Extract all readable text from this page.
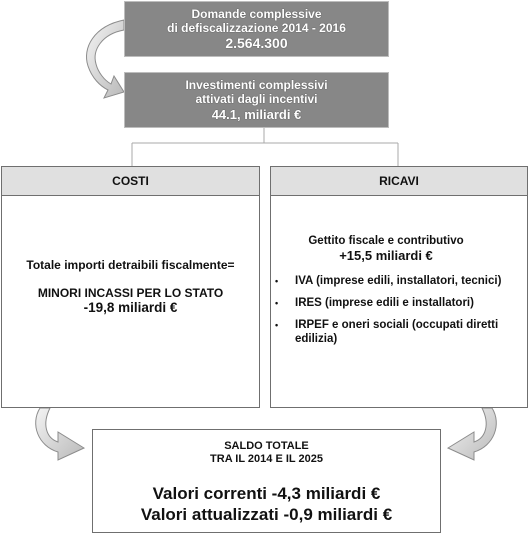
Domande complessive
di defiscalizzazione 2014 - 2016
2.564.300
Investimenti complessivi
attivati dagli incentivi
44.1, miliardi €
COSTI
Totale importi detraibili fiscalmente=
MINORI INCASSI PER LO STATO
-19,8 miliardi €
RICAVI
Gettito fiscale e contributivo
+15,5 miliardi €
•	IVA (imprese edili, installatori, tecnici)
•	IRES (imprese edili e installatori)
•	IRPEF e oneri sociali (occupati diretti edilizia)
SALDO TOTALE
TRA IL 2014 E IL 2025
Valori correnti -4,3 miliardi €
Valori attualizzati -0,9 miliardi €
